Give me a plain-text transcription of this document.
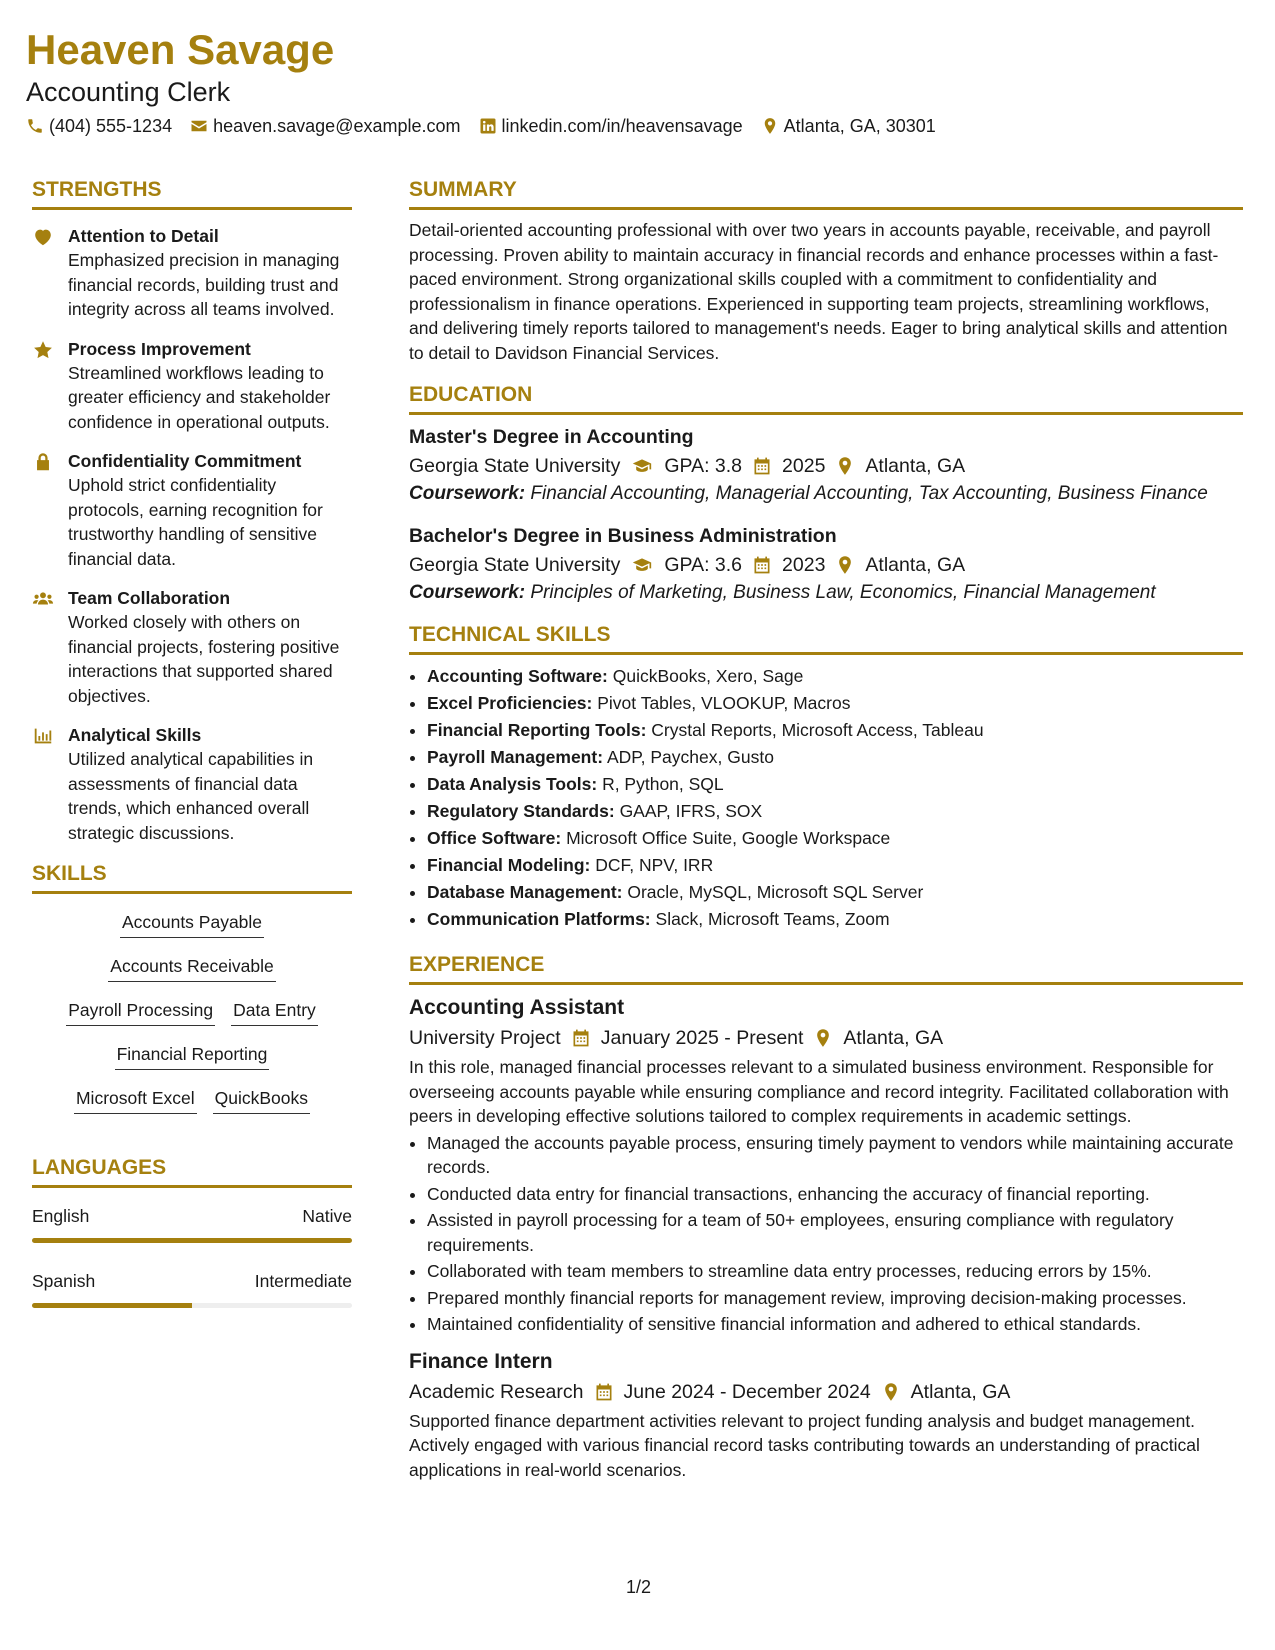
Heaven Savage
Accounting Clerk
(404) 555-1234 heaven.savage@example.com linkedin.com/in/heavensavage Atlanta, GA, 30301
STRENGTHS
Attention to Detail
Emphasized precision in managing financial records, building trust and integrity across all teams involved.
Process Improvement
Streamlined workflows leading to greater efficiency and stakeholder confidence in operational outputs.
Confidentiality Commitment
Uphold strict confidentiality protocols, earning recognition for trustworthy handling of sensitive financial data.
Team Collaboration
Worked closely with others on financial projects, fostering positive interactions that supported shared objectives.
Analytical Skills
Utilized analytical capabilities in assessments of financial data trends, which enhanced overall strategic discussions.
SKILLS
Accounts Payable
Accounts Receivable
Payroll Processing Data Entry
Financial Reporting
Microsoft Excel QuickBooks
LANGUAGES
English	Native
Spanish	Intermediate
SUMMARY
Detail-oriented accounting professional with over two years in accounts payable, receivable, and payroll processing. Proven ability to maintain accuracy in financial records and enhance processes within a fast-paced environment. Strong organizational skills coupled with a commitment to confidentiality and professionalism in finance operations. Experienced in supporting team projects, streamlining workflows, and delivering timely reports tailored to management's needs. Eager to bring analytical skills and attention to detail to Davidson Financial Services.
EDUCATION
Master's Degree in Accounting
Georgia State University GPA: 3.8 2025 Atlanta, GA
Coursework: Financial Accounting, Managerial Accounting, Tax Accounting, Business Finance
Bachelor's Degree in Business Administration
Georgia State University GPA: 3.6 2023 Atlanta, GA
Coursework: Principles of Marketing, Business Law, Economics, Financial Management
TECHNICAL SKILLS
• Accounting Software: QuickBooks, Xero, Sage
• Excel Proficiencies: Pivot Tables, VLOOKUP, Macros
• Financial Reporting Tools: Crystal Reports, Microsoft Access, Tableau
• Payroll Management: ADP, Paychex, Gusto
• Data Analysis Tools: R, Python, SQL
• Regulatory Standards: GAAP, IFRS, SOX
• Office Software: Microsoft Office Suite, Google Workspace
• Financial Modeling: DCF, NPV, IRR
• Database Management: Oracle, MySQL, Microsoft SQL Server
• Communication Platforms: Slack, Microsoft Teams, Zoom
EXPERIENCE
Accounting Assistant
University Project January 2025 - Present Atlanta, GA
In this role, managed financial processes relevant to a simulated business environment. Responsible for overseeing accounts payable while ensuring compliance and record integrity. Facilitated collaboration with peers in developing effective solutions tailored to complex requirements in academic settings.
• Managed the accounts payable process, ensuring timely payment to vendors while maintaining accurate records.
• Conducted data entry for financial transactions, enhancing the accuracy of financial reporting.
• Assisted in payroll processing for a team of 50+ employees, ensuring compliance with regulatory requirements.
• Collaborated with team members to streamline data entry processes, reducing errors by 15%.
• Prepared monthly financial reports for management review, improving decision-making processes.
• Maintained confidentiality of sensitive financial information and adhered to ethical standards.
Finance Intern
Academic Research June 2024 - December 2024 Atlanta, GA
Supported finance department activities relevant to project funding analysis and budget management. Actively engaged with various financial record tasks contributing towards an understanding of practical applications in real-world scenarios.
1/2
